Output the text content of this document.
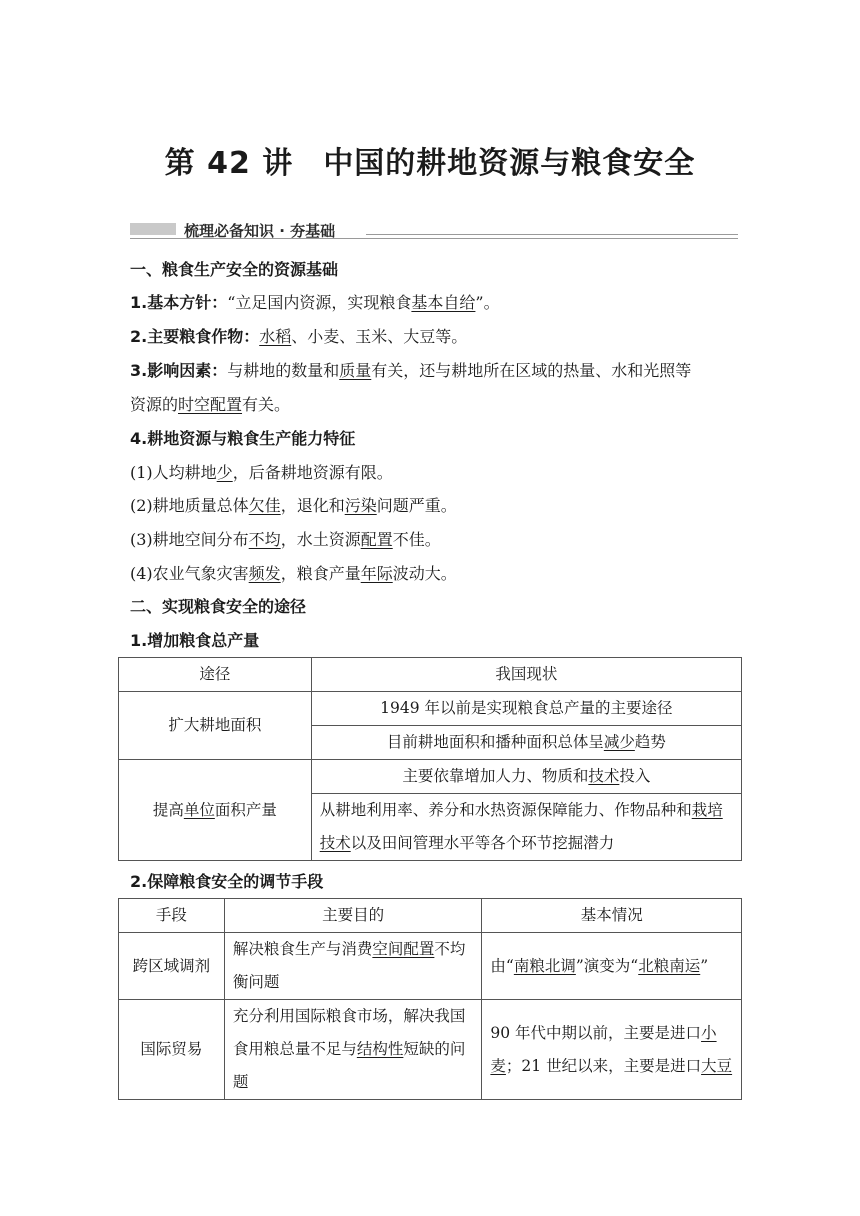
第 42 讲 中国的耕地资源与粮食安全
梳理必备知识 · 夯基础
一、粮食生产安全的资源基础
1.基本方针：“立足国内资源，实现粮食基本自给”。
2.主要粮食作物：水稻、小麦、玉米、大豆等。
3.影响因素：与耕地的数量和质量有关，还与耕地所在区域的热量、水和光照等
资源的时空配置有关。
4.耕地资源与粮食生产能力特征
(1)人均耕地少，后备耕地资源有限。
(2)耕地质量总体欠佳，退化和污染问题严重。
(3)耕地空间分布不均，水土资源配置不佳。
(4)农业气象灾害频发，粮食产量年际波动大。
二、实现粮食安全的途径
1.增加粮食总产量
途径	我国现状
扩大耕地面积	1949 年以前是实现粮食总产量的主要途径
	目前耕地面积和播种面积总体呈减少趋势
提高单位面积产量	主要依靠增加人力、物质和技术投入
	从耕地利用率、养分和水热资源保障能力、作物品种和栽培技术以及田间管理水平等各个环节挖掘潜力
2.保障粮食安全的调节手段
手段	主要目的	基本情况
跨区域调剂	解决粮食生产与消费空间配置不均衡问题	由“南粮北调”演变为“北粮南运”
国际贸易	充分利用国际粮食市场，解决我国食用粮总量不足与结构性短缺的问题	90 年代中期以前，主要是进口小麦；21 世纪以来，主要是进口大豆
